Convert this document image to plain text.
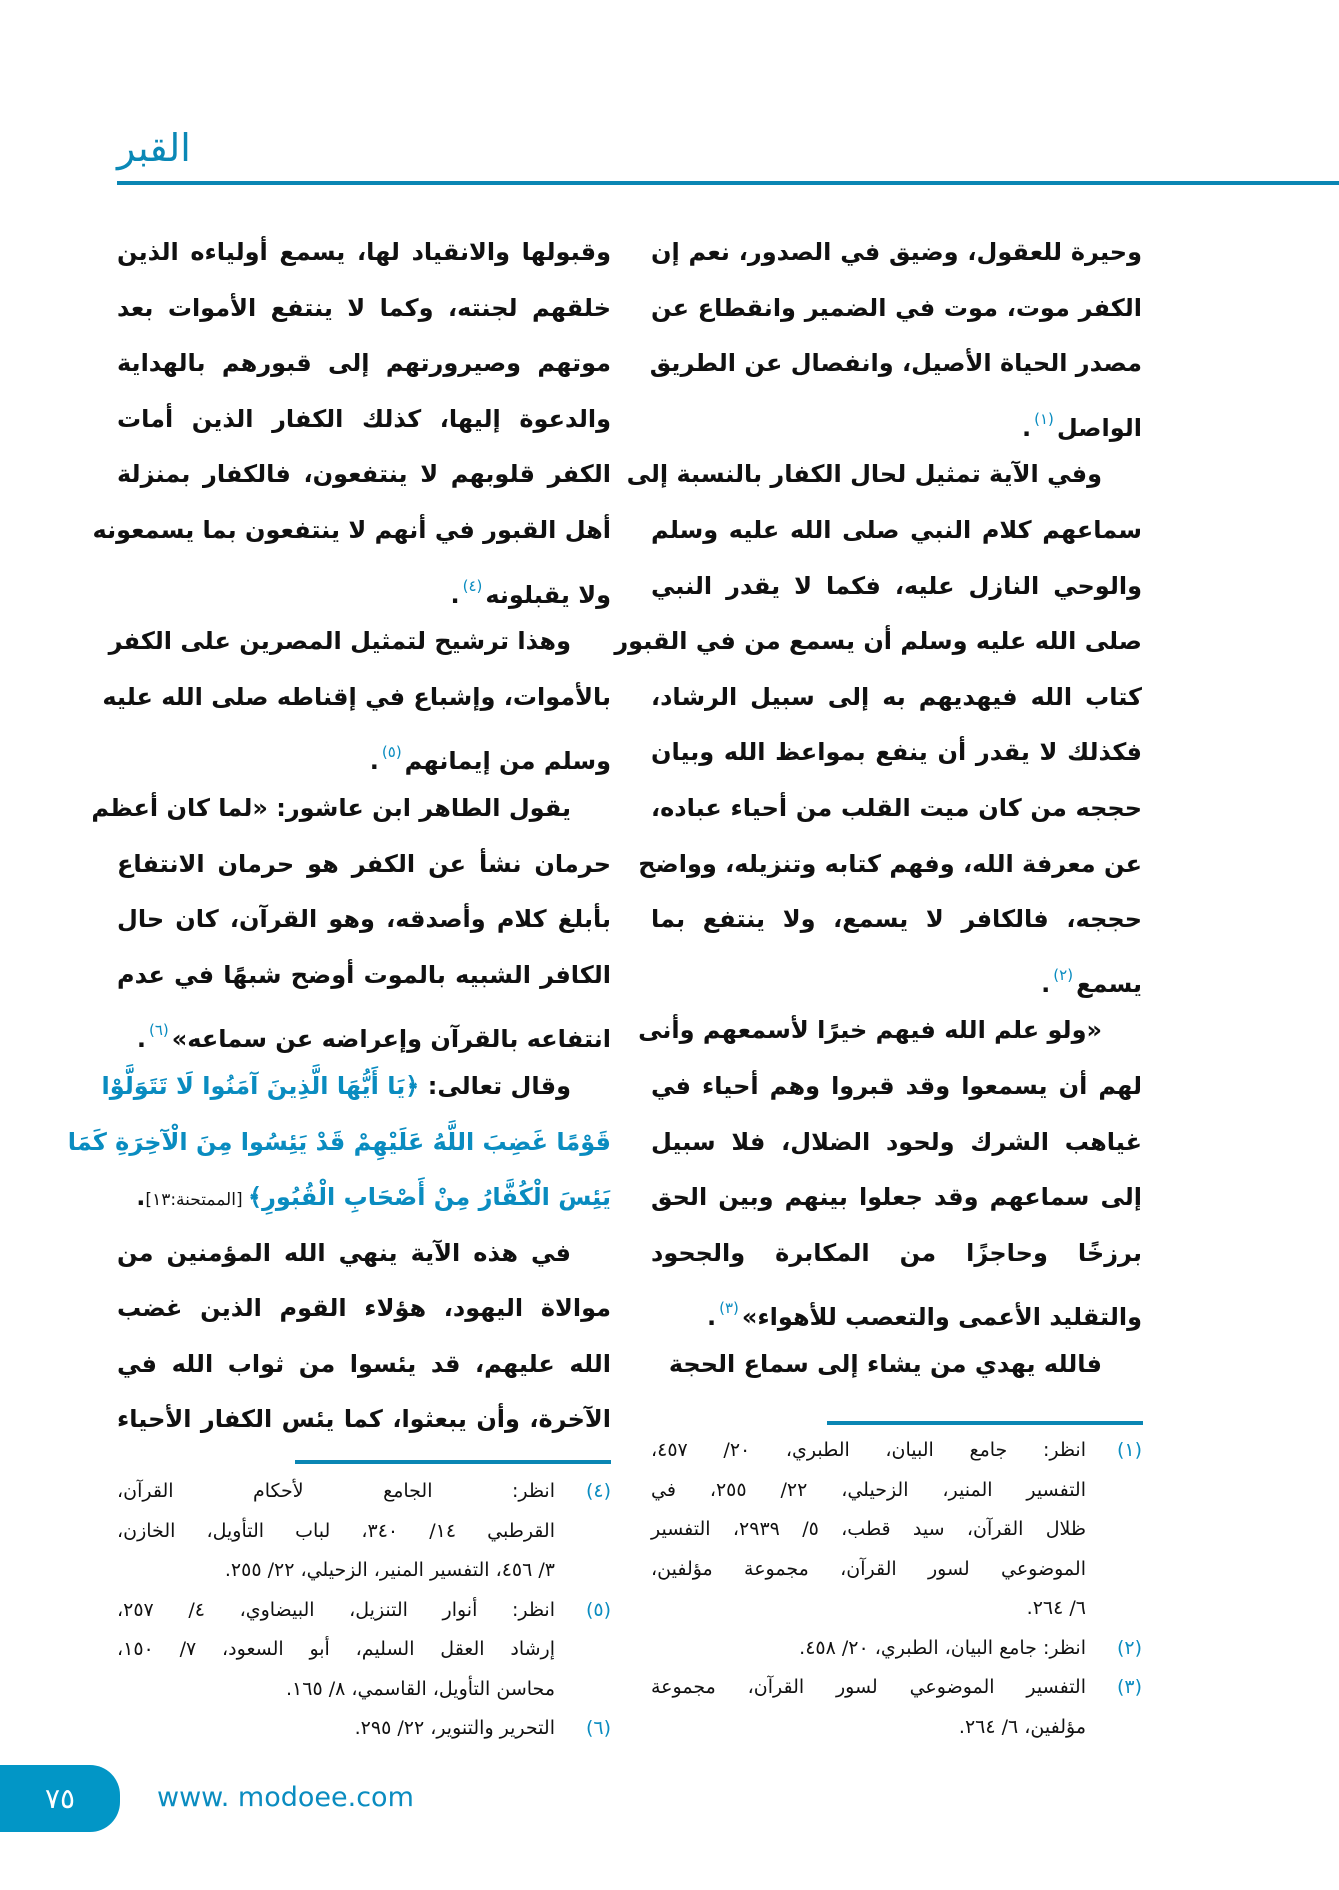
القبر
وحيرة للعقول، وضيق في الصدور، نعم إن
الكفر موت، موت في الضمير وانقطاع عن
مصدر الحياة الأصيل، وانفصال عن الطريق
الواصل$^{(١)}$.
وفي الآية تمثيل لحال الكفار بالنسبة إلى
سماعهم كلام النبي صلى الله عليه وسلم
والوحي النازل عليه، فكما لا يقدر النبي
صلى الله عليه وسلم أن يسمع من في القبور
كتاب الله فيهديهم به إلى سبيل الرشاد،
فكذلك لا يقدر أن ينفع بمواعظ الله وبيان
حججه من كان ميت القلب من أحياء عباده،
عن معرفة الله، وفهم كتابه وتنزيله، وواضح
حججه، فالكافر لا يسمع، ولا ينتفع بما
يسمع$^{(٢)}$.
«ولو علم الله فيهم خيرًا لأسمعهم وأنى
لهم أن يسمعوا وقد قبروا وهم أحياء في
غياهب الشرك ولحود الضلال، فلا سبيل
إلى سماعهم وقد جعلوا بينهم وبين الحق
برزخًا وحاجزًا من المكابرة والجحود
والتقليد الأعمى والتعصب للأهواء»$^{(٣)}$.
فالله يهدي من يشاء إلى سماع الحجة
وقبولها والانقياد لها، يسمع أولياءه الذين
خلقهم لجنته، وكما لا ينتفع الأموات بعد
موتهم وصيرورتهم إلى قبورهم بالهداية
والدعوة إليها، كذلك الكفار الذين أمات
الكفر قلوبهم لا ينتفعون، فالكفار بمنزلة
أهل القبور في أنهم لا ينتفعون بما يسمعونه
ولا يقبلونه$^{(٤)}$.
وهذا ترشيح لتمثيل المصرين على الكفر
بالأموات، وإشباع في إقناطه صلى الله عليه
وسلم من إيمانهم$^{(٥)}$.
يقول الطاهر ابن عاشور: «لما كان أعظم
حرمان نشأ عن الكفر هو حرمان الانتفاع
بأبلغ كلام وأصدقه، وهو القرآن، كان حال
الكافر الشبيه بالموت أوضح شبهًا في عدم
انتفاعه بالقرآن وإعراضه عن سماعه»$^{(٦)}$.
وقال تعالى: ﴿يَا أَيُّهَا الَّذِينَ آمَنُوا لَا تَتَوَلَّوْا
قَوْمًا غَضِبَ اللَّهُ عَلَيْهِمْ قَدْ يَئِسُوا مِنَ الْآخِرَةِ كَمَا
يَئِسَ الْكُفَّارُ مِنْ أَصْحَابِ الْقُبُورِ﴾ [الممتحنة:١٣].
في هذه الآية ينهي الله المؤمنين من
موالاة اليهود، هؤلاء القوم الذين غضب
الله عليهم، قد يئسوا من ثواب الله في
الآخرة، وأن يبعثوا، كما يئس الكفار الأحياء
(١)
انظر: جامع البيان، الطبري، ٢٠/ ٤٥٧،
التفسير المنير، الزحيلي، ٢٢/ ٢٥٥، في
ظلال القرآن، سيد قطب، ٥/ ٢٩٣٩، التفسير
الموضوعي لسور القرآن، مجموعة مؤلفين،
٦/ ٢٦٤.
(٢)
انظر: جامع البيان، الطبري، ٢٠/ ٤٥٨.
(٣)
التفسير الموضوعي لسور القرآن، مجموعة
مؤلفين، ٦/ ٢٦٤.
(٤)
انظر: الجامع لأحكام القرآن،
القرطبي ١٤/ ٣٤٠، لباب التأويل، الخازن،
٣/ ٤٥٦، التفسير المنير، الزحيلي، ٢٢/ ٢٥٥.
(٥)
انظر: أنوار التنزيل، البيضاوي، ٤/ ٢٥٧،
إرشاد العقل السليم، أبو السعود، ٧/ ١٥٠،
محاسن التأويل، القاسمي، ٨/ ١٦٥.
(٦)
التحرير والتنوير، ٢٢/ ٢٩٥.
٧٥	www. modoee.com
